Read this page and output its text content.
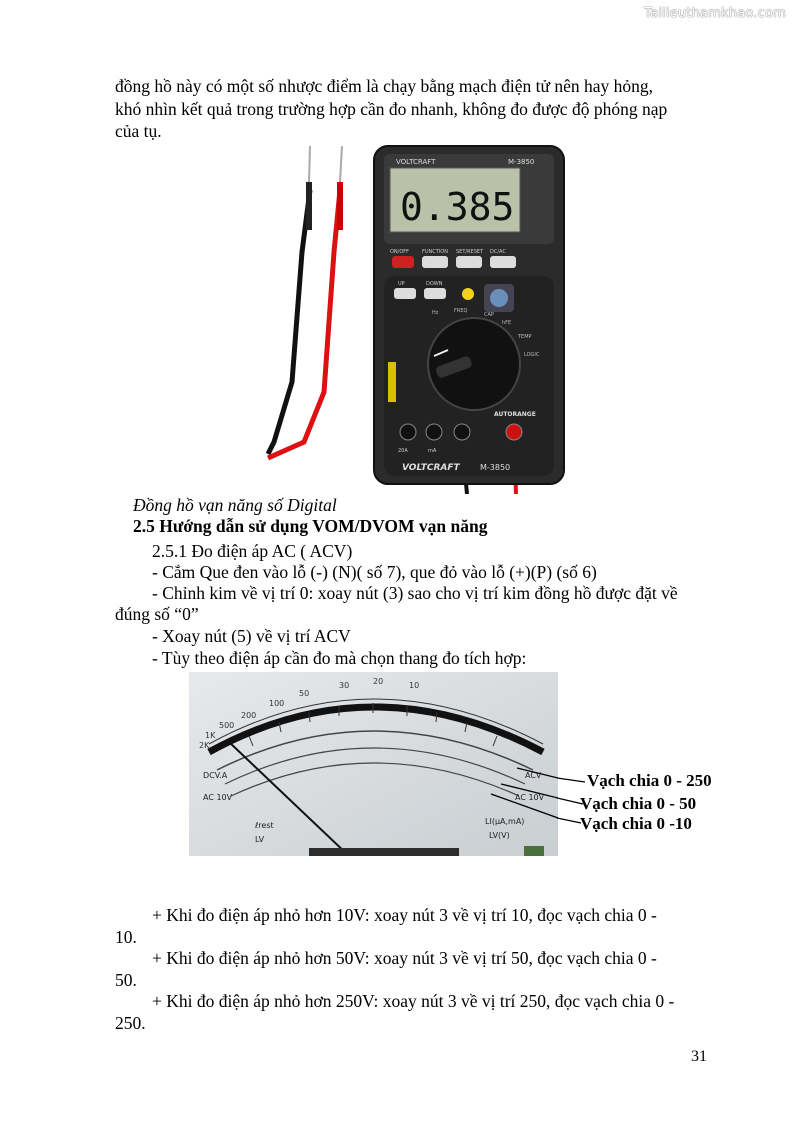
Tailieuthamkhao.com
đồng hồ này có một số nhược điểm là chạy bằng mạch điện tử nên hay hỏng,
khó nhìn kết quả trong trường hợp cần đo nhanh, không đo được độ phóng nạp
của tụ.
VOLTCRAFT	M-3850
0.385
ON/OFF	FUNCTION SET/RESET DC/AC
UP	DOWN
Hz	FREQ
CAP
hFE
TEMP
LOGIC
AUTORANGE
20A	mA
VOLTCRAFT	M-3850
Đồng hồ vạn năng số Digital
2.5 Hướng dẫn sử dụng VOM/DVOM vạn năng
2.5.1 Đo điện áp AC ( ACV)
- Cắm Que đen vào lỗ (-) (N)( số 7), que đỏ vào lỗ (+)(P) (số 6)
- Chỉnh kim về vị trí 0: xoay nút (3) sao cho vị trí kim đồng hồ được đặt về
đúng số “0”
- Xoay nút (5) về vị trí ACV
- Tùy theo điện áp cần đo mà chọn thang đo tích hợp:
20
30	10
50
100
200
500
1K
2K
DCV.A
AC 10V
ℓrest
LV
ACV
AC 10V
LI(μA,mA)
LV(V)
Vạch chia 0 - 250
Vạch chia 0 - 50
Vạch chia 0 -10
+ Khi đo điện áp nhỏ hơn 10V: xoay nút 3 về vị trí 10, đọc vạch chia 0 -
10.
+ Khi đo điện áp nhỏ hơn 50V: xoay nút 3 về vị trí 50, đọc vạch chia 0 -
50.
+ Khi đo điện áp nhỏ hơn 250V: xoay nút 3 về vị trí 250, đọc vạch chia 0 -
250.
31
